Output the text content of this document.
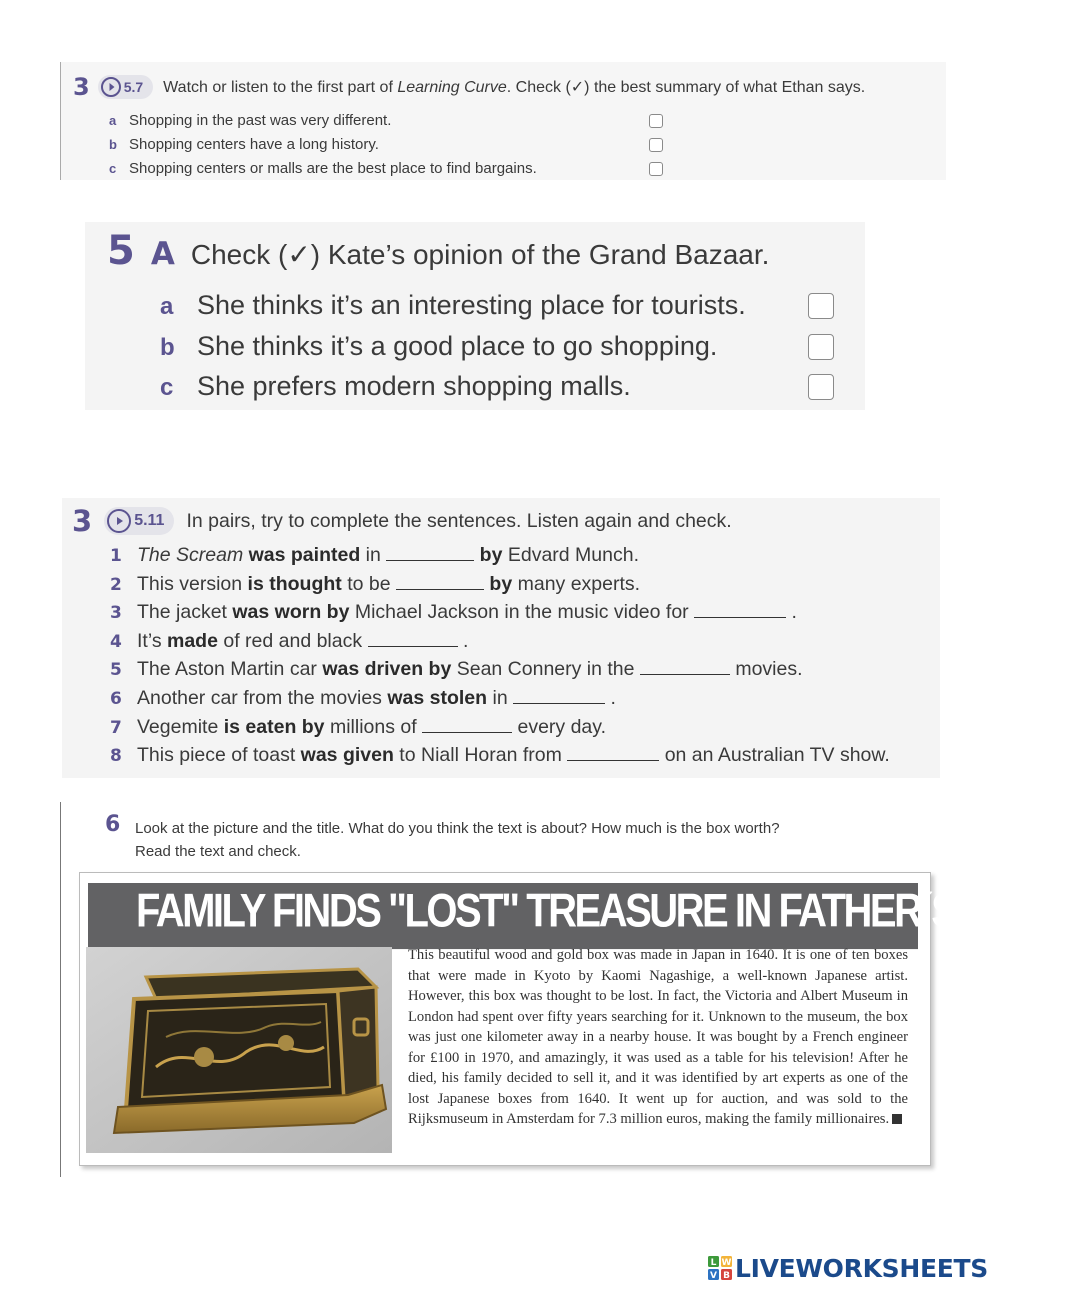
3 5.7 Watch or listen to the first part of Learning Curve. Check (✓) the best summary of what Ethan says.
a Shopping in the past was very different.
b Shopping centers have a long history.
c Shopping centers or malls are the best place to find bargains.
5 A Check (✓) Kate’s opinion of the Grand Bazaar.
a She thinks it’s an interesting place for tourists.
b She thinks it’s a good place to go shopping.
c She prefers modern shopping malls.
3	5.11 In pairs, try to complete the sentences. Listen again and check.
1 The Scream was painted in	by Edvard Munch.
2 This version is thought to be	by many experts.
3 The jacket was worn by Michael Jackson in the music video for	.
4 It’s made of red and black	.
5 The Aston Martin car was driven by Sean Connery in the	movies.
6 Another car from the movies was stolen in	.
7 Vegemite is eaten by millions of	every day.
8 This piece of toast was given to Niall Horan from	on an Australian TV show.
6 Look at the picture and the title. What do you think the text is about? How much is the box worth?
Read the text and check.
FAMILY FINDS "LOST" TREASURE IN FATHER´S HOME
This beautiful wood and gold box was made in Japan in 1640. It is one of ten boxes that were made in Kyoto by Kaomi Nagashige, a well-known Japanese artist. However, this box was thought to be lost. In fact, the Victoria and Albert Museum in London had spent over fifty years searching for it. Unknown to the museum, the box was just one kilometer away in a nearby house. It was bought by a French engineer for £100 in 1970, and amazingly, it was used as a table for his television! After he died, his family decided to sell it, and it was identified by art experts as one of the lost Japanese boxes from 1640. It went up for auction, and was sold to the Rijksmuseum in Amsterdam for 7.3 million euros, making the family millionaires.
L W
V B LIVEWORKSHEETS
